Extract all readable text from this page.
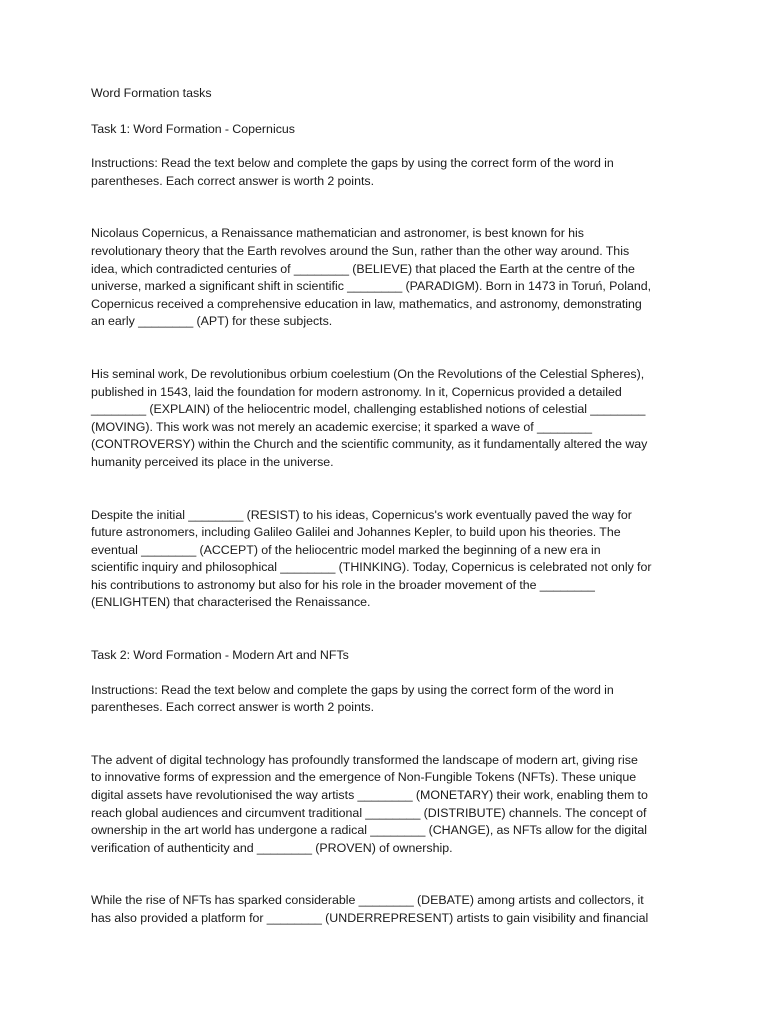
Word Formation tasks

Task 1: Word Formation - Copernicus

Instructions: Read the text below and complete the gaps by using the correct form of the word in
parentheses. Each correct answer is worth 2 points.

Nicolaus Copernicus, a Renaissance mathematician and astronomer, is best known for his
revolutionary theory that the Earth revolves around the Sun, rather than the other way around. This
idea, which contradicted centuries of ________ (BELIEVE) that placed the Earth at the centre of the
universe, marked a significant shift in scientific ________ (PARADIGM). Born in 1473 in Toruń, Poland,
Copernicus received a comprehensive education in law, mathematics, and astronomy, demonstrating
an early ________ (APT) for these subjects.

His seminal work, De revolutionibus orbium coelestium (On the Revolutions of the Celestial Spheres),
published in 1543, laid the foundation for modern astronomy. In it, Copernicus provided a detailed
________ (EXPLAIN) of the heliocentric model, challenging established notions of celestial ________
(MOVING). This work was not merely an academic exercise; it sparked a wave of ________
(CONTROVERSY) within the Church and the scientific community, as it fundamentally altered the way
humanity perceived its place in the universe.

Despite the initial ________ (RESIST) to his ideas, Copernicus's work eventually paved the way for
future astronomers, including Galileo Galilei and Johannes Kepler, to build upon his theories. The
eventual ________ (ACCEPT) of the heliocentric model marked the beginning of a new era in
scientific inquiry and philosophical ________ (THINKING). Today, Copernicus is celebrated not only for
his contributions to astronomy but also for his role in the broader movement of the ________
(ENLIGHTEN) that characterised the Renaissance.

Task 2: Word Formation - Modern Art and NFTs

Instructions: Read the text below and complete the gaps by using the correct form of the word in
parentheses. Each correct answer is worth 2 points.

The advent of digital technology has profoundly transformed the landscape of modern art, giving rise
to innovative forms of expression and the emergence of Non-Fungible Tokens (NFTs). These unique
digital assets have revolutionised the way artists ________ (MONETARY) their work, enabling them to
reach global audiences and circumvent traditional ________ (DISTRIBUTE) channels. The concept of
ownership in the art world has undergone a radical ________ (CHANGE), as NFTs allow for the digital
verification of authenticity and ________ (PROVEN) of ownership.

While the rise of NFTs has sparked considerable ________ (DEBATE) among artists and collectors, it
has also provided a platform for ________ (UNDERREPRESENT) artists to gain visibility and financial
